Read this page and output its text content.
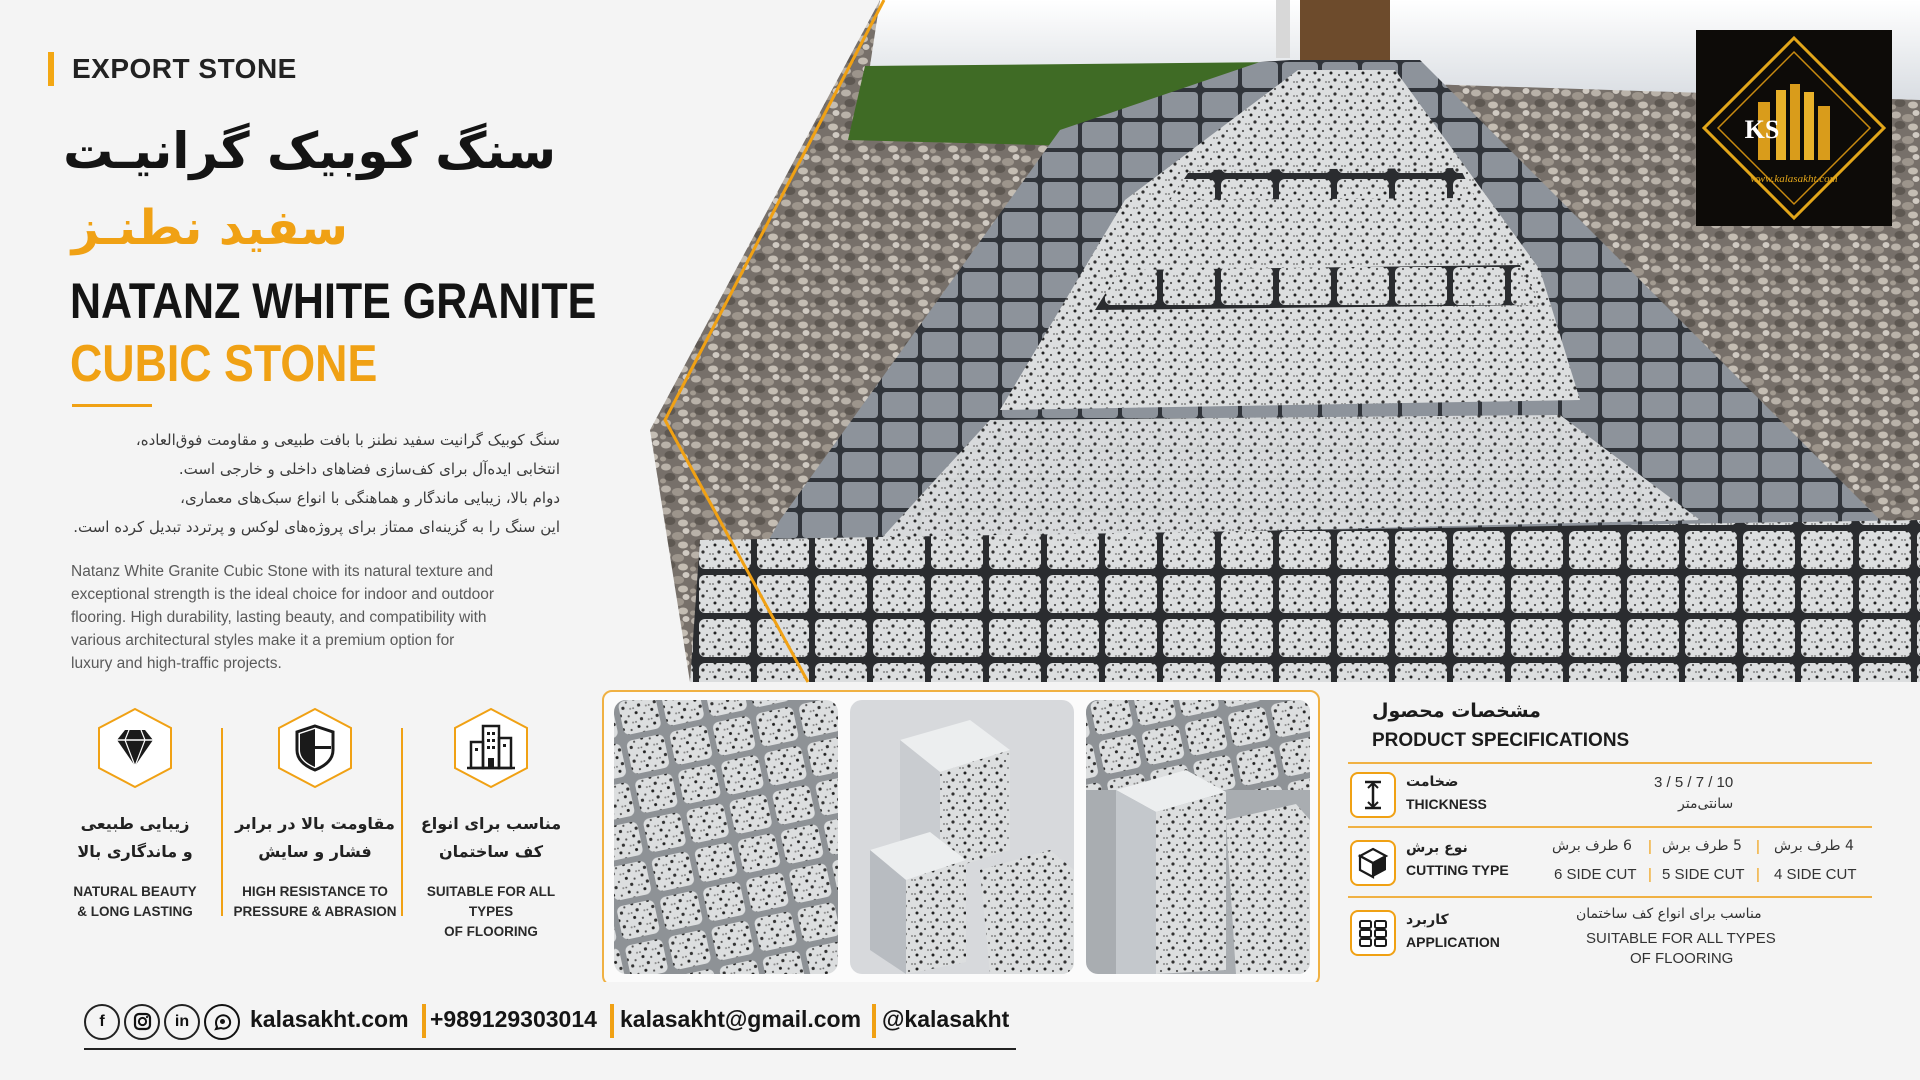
KS
www.kalasakht.com
EXPORT STONE
سنگ کوبیک گرانیـت
سفید نطنـز
NATANZ WHITE GRANITE
CUBIC STONE
سنگ کوبیک گرانیت سفید نطنز با بافت طبیعی و مقاومت فوق‌العاده،
انتخابی ایده‌آل برای کف‌سازی فضاهای داخلی و خارجی است.
دوام بالا، زیبایی ماندگار و هماهنگی با انواع سبک‌های معماری،
این سنگ را به گزینه‌ای ممتاز برای پروژه‌های لوکس و پرتردد تبدیل کرده است.
Natanz White Granite Cubic Stone with its natural texture and
exceptional strength is the ideal choice for indoor and outdoor
flooring. High durability, lasting beauty, and compatibility with
various architectural styles make it a premium option for
luxury and high-traffic projects.
زیبایی طبیعی
و ماندگاری بالا
NATURAL BEAUTY
& LONG LASTING
مقاومت بالا در برابر
فشار و سایش
HIGH RESISTANCE TO
PRESSURE & ABRASION
مناسب برای انواع
کف ساختمان
SUITABLE FOR ALL TYPES
OF FLOORING
مشخصات محصول
PRODUCT SPECIFICATIONS
ضخامت
THICKNESS
3 / 5 / 7 / 10
سانتی‌متر
نوع برش
CUTTING TYPE
4 طرف برش
|
5 طرف برش
|
6 طرف برش
4 SIDE CUT
|
5 SIDE CUT
|
6 SIDE CUT
کاربرد
APPLICATION
مناسب برای انواع کف ساختمان
SUITABLE FOR ALL TYPES
OF FLOORING
f	in	kalasakht.com +989129303014 kalasakht@gmail.com @kalasakht
